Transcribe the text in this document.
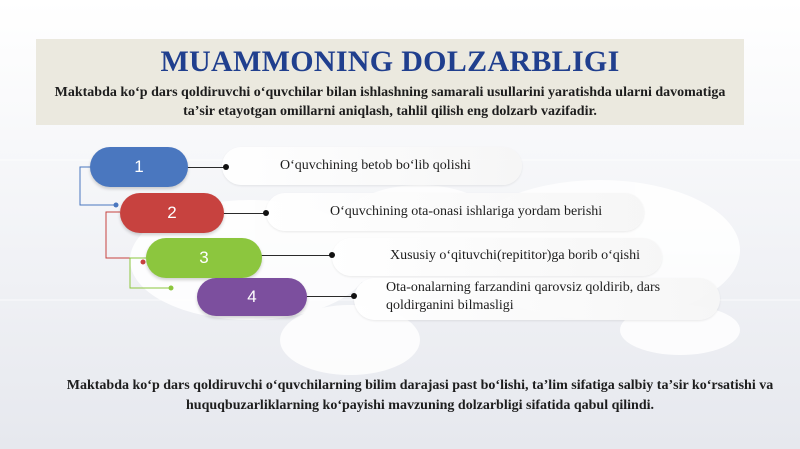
MUAMMONING DOLZARBLIGI
Maktabda koʻp dars qoldiruvchi oʻquvchilar bilan ishlashning samarali usullarini yaratishda ularni davomatiga taʼsir etayotgan omillarni aniqlash, tahlil qilish eng dolzarb vazifadir.
1	Oʻquvchining betob boʻlib qolishi
2	Oʻquvchining ota-onasi ishlariga yordam berishi
3	Xususiy oʻqituvchi(repititor)ga borib oʻqishi
4	Ota-onalarning farzandini qarovsiz qoldirib, dars qoldirganini bilmasligi
Maktabda koʻp dars qoldiruvchi oʻquvchilarning bilim darajasi past boʻlishi, taʼlim sifatiga salbiy taʼsir koʻrsatishi va huquqbuzarliklarning koʻpayishi mavzuning dolzarbligi sifatida qabul qilindi.
